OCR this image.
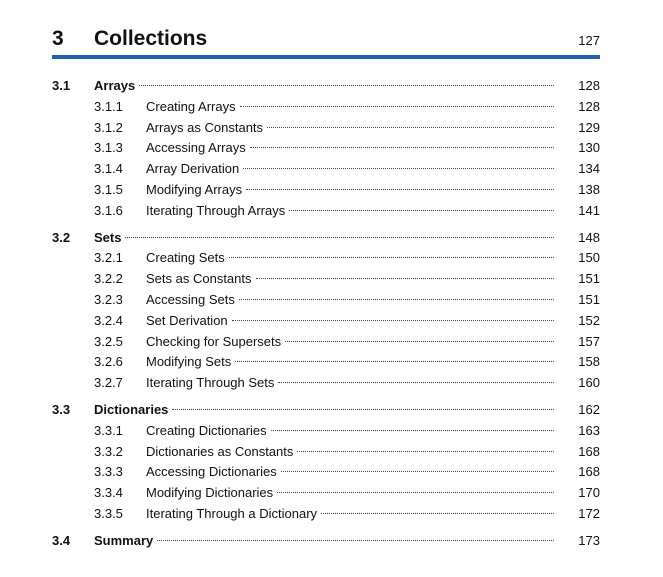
3 Collections	127
3.1 Arrays	128
3.1.1 Creating Arrays	128
3.1.2 Arrays as Constants	129
3.1.3 Accessing Arrays	130
3.1.4 Array Derivation	134
3.1.5 Modifying Arrays	138
3.1.6 Iterating Through Arrays	141
3.2 Sets	148
3.2.1 Creating Sets	150
3.2.2 Sets as Constants	151
3.2.3 Accessing Sets	151
3.2.4 Set Derivation	152
3.2.5 Checking for Supersets	157
3.2.6 Modifying Sets	158
3.2.7 Iterating Through Sets	160
3.3 Dictionaries	162
3.3.1 Creating Dictionaries	163
3.3.2 Dictionaries as Constants	168
3.3.3 Accessing Dictionaries	168
3.3.4 Modifying Dictionaries	170
3.3.5 Iterating Through a Dictionary	172
3.4 Summary	173
